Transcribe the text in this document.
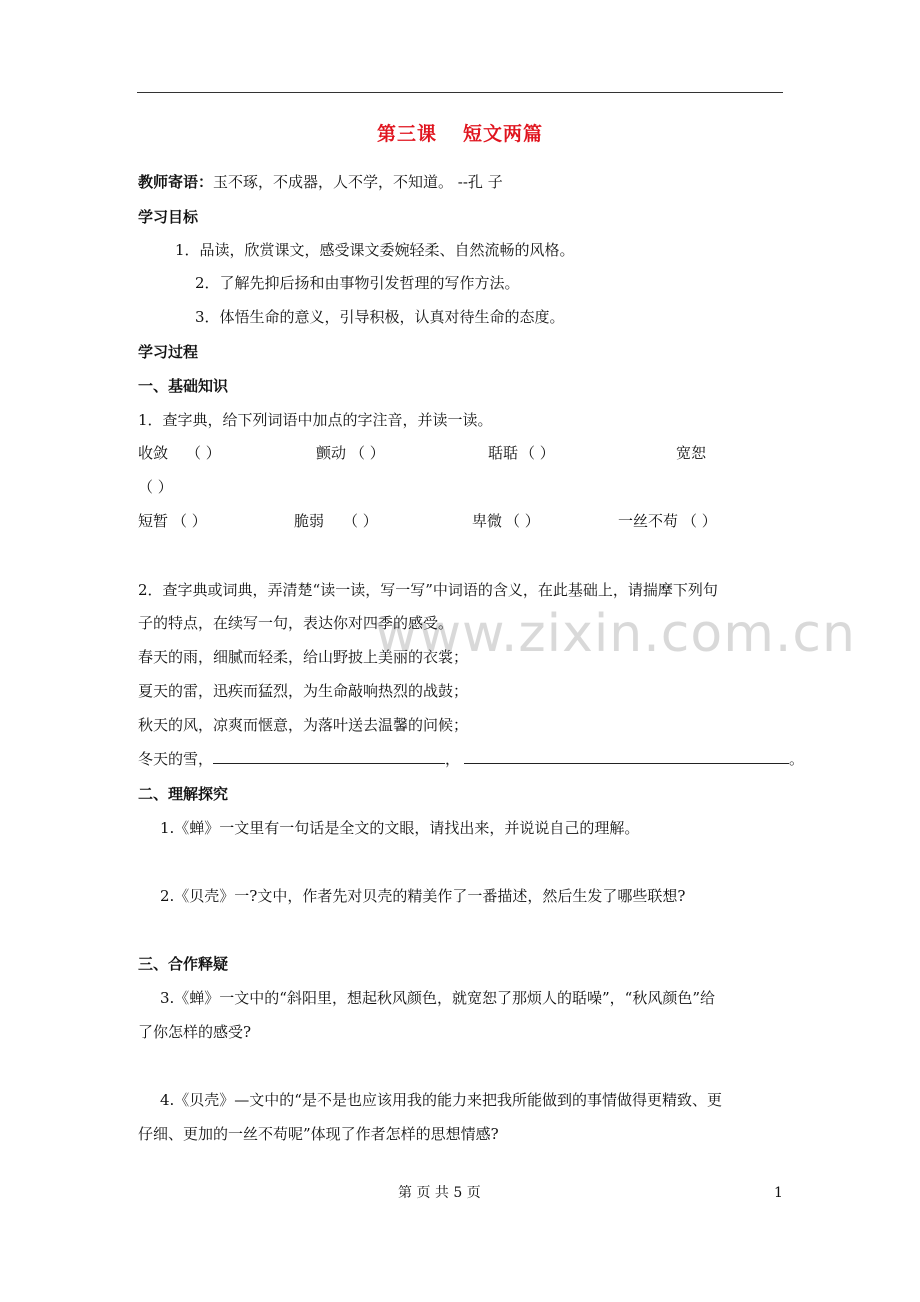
第三课 短文两篇
教师寄语：玉不琢，不成器，人不学，不知道。 --孔 子
学习目标
1．品读，欣赏课文，感受课文委婉轻柔、自然流畅的风格。
2．了解先抑后扬和由事物引发哲理的写作方法。
3．体悟生命的意义，引导积极，认真对待生命的态度。
学习过程
一、基础知识
1．查字典，给下列词语中加点的字注音，并读一读。
收敛 （ ）	颤动 （ ）	聒聒 （ ）	宽恕
（ ）
短暂 （ ）	脆弱 （ ）	卑微 （ ）	一丝不苟 （ ）
www.zixin.com.cn
2．查字典或词典，弄清楚“读一读，写一写”中词语的含义，在此基础上，请揣摩下列句
子的特点，在续写一句，表达你对四季的感受。
春天的雨，细腻而轻柔，给山野披上美丽的衣裳；
夏天的雷，迅疾而猛烈，为生命敲响热烈的战鼓；
秋天的风，凉爽而惬意，为落叶送去温馨的问候；
冬天的雪，	，	。
二、理解探究
1.《蝉》一文里有一句话是全文的文眼，请找出来，并说说自己的理解。
2.《贝壳》一?文中，作者先对贝壳的精美作了一番描述，然后生发了哪些联想?
三、合作释疑
3.《蝉》一文中的“斜阳里，想起秋风颜色，就宽恕了那烦人的聒噪”，“秋风颜色”给
了你怎样的感受?
4.《贝壳》—文中的“是不是也应该用我的能力来把我所能做到的事情做得更精致、更
仔细、更加的一丝不苟呢”体现了作者怎样的思想情感?
第 页 共 5 页	1
